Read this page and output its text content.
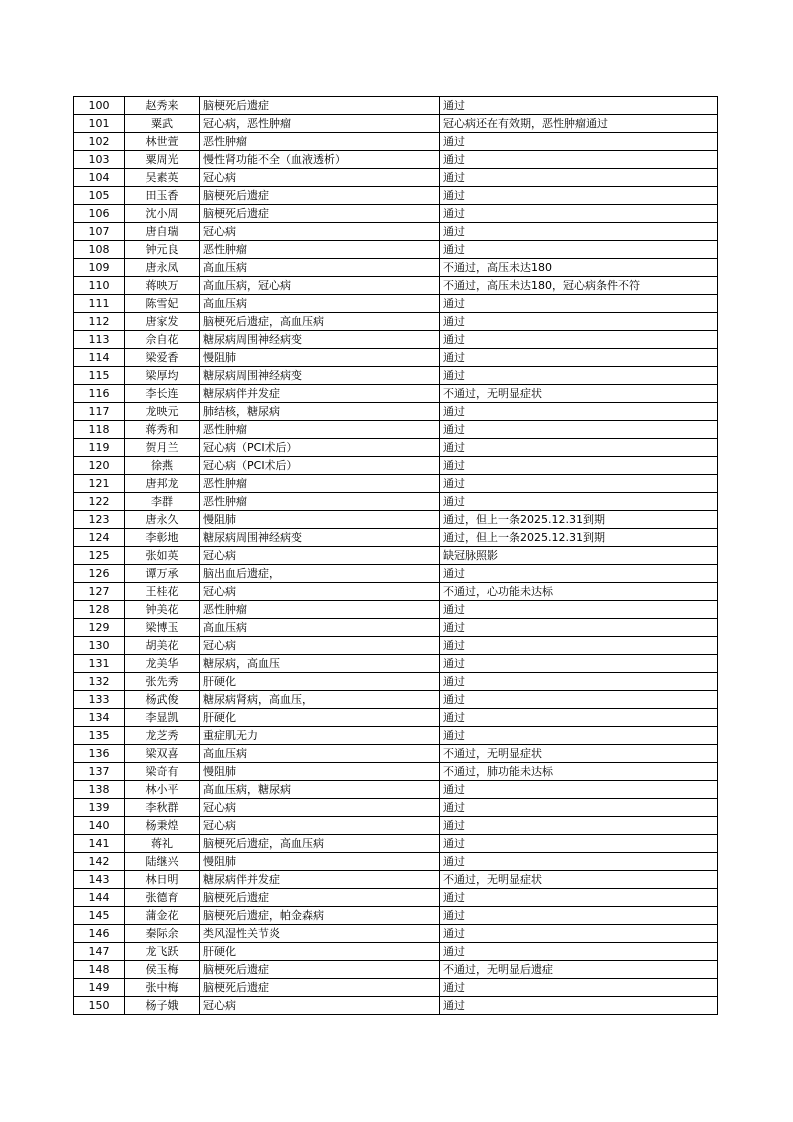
100	赵秀来	脑梗死后遗症	通过
101	粟武	冠心病，恶性肿瘤	冠心病还在有效期，恶性肿瘤通过
102	林世萱	恶性肿瘤	通过
103	粟周光	慢性肾功能不全（血液透析）	通过
104	吴素英	冠心病	通过
105	田玉香	脑梗死后遗症	通过
106	沈小周	脑梗死后遗症	通过
107	唐自瑞	冠心病	通过
108	钟元良	恶性肿瘤	通过
109	唐永凤	高血压病	不通过，高压未达180
110	蒋映万	高血压病，冠心病	不通过，高压未达180，冠心病条件不符
111	陈雪妃	高血压病	通过
112	唐家发	脑梗死后遗症，高血压病	通过
113	佘自花	糖尿病周围神经病变	通过
114	梁爱香	慢阻肺	通过
115	梁厚均	糖尿病周围神经病变	通过
116	李长连	糖尿病伴并发症	不通过，无明显症状
117	龙映元	肺结核，糖尿病	通过
118	蒋秀和	恶性肿瘤	通过
119	贺月兰	冠心病（PCI术后）	通过
120	徐燕	冠心病（PCI术后）	通过
121	唐邦龙	恶性肿瘤	通过
122	李群	恶性肿瘤	通过
123	唐永久	慢阻肺	通过，但上一条2025.12.31到期
124	李彰地	糖尿病周围神经病变	通过，但上一条2025.12.31到期
125	张如英	冠心病	缺冠脉照影
126	谭万承	脑出血后遗症，	通过
127	王桂花	冠心病	不通过，心功能未达标
128	钟美花	恶性肿瘤	通过
129	梁博玉	高血压病	通过
130	胡美花	冠心病	通过
131	龙美华	糖尿病，高血压	通过
132	张先秀	肝硬化	通过
133	杨武俊	糖尿病肾病，高血压，	通过
134	李显凯	肝硬化	通过
135	龙芝秀	重症肌无力	通过
136	梁双喜	高血压病	不通过，无明显症状
137	梁奇有	慢阻肺	不通过，肺功能未达标
138	林小平	高血压病，糖尿病	通过
139	李秋群	冠心病	通过
140	杨秉煌	冠心病	通过
141	蒋礼	脑梗死后遗症，高血压病	通过
142	陆继兴	慢阻肺	通过
143	林日明	糖尿病伴并发症	不通过，无明显症状
144	张德育	脑梗死后遗症	通过
145	蒲金花	脑梗死后遗症，帕金森病	通过
146	秦际余	类风湿性关节炎	通过
147	龙飞跃	肝硬化	通过
148	侯玉梅	脑梗死后遗症	不通过，无明显后遗症
149	张中梅	脑梗死后遗症	通过
150	杨子娥	冠心病	通过
